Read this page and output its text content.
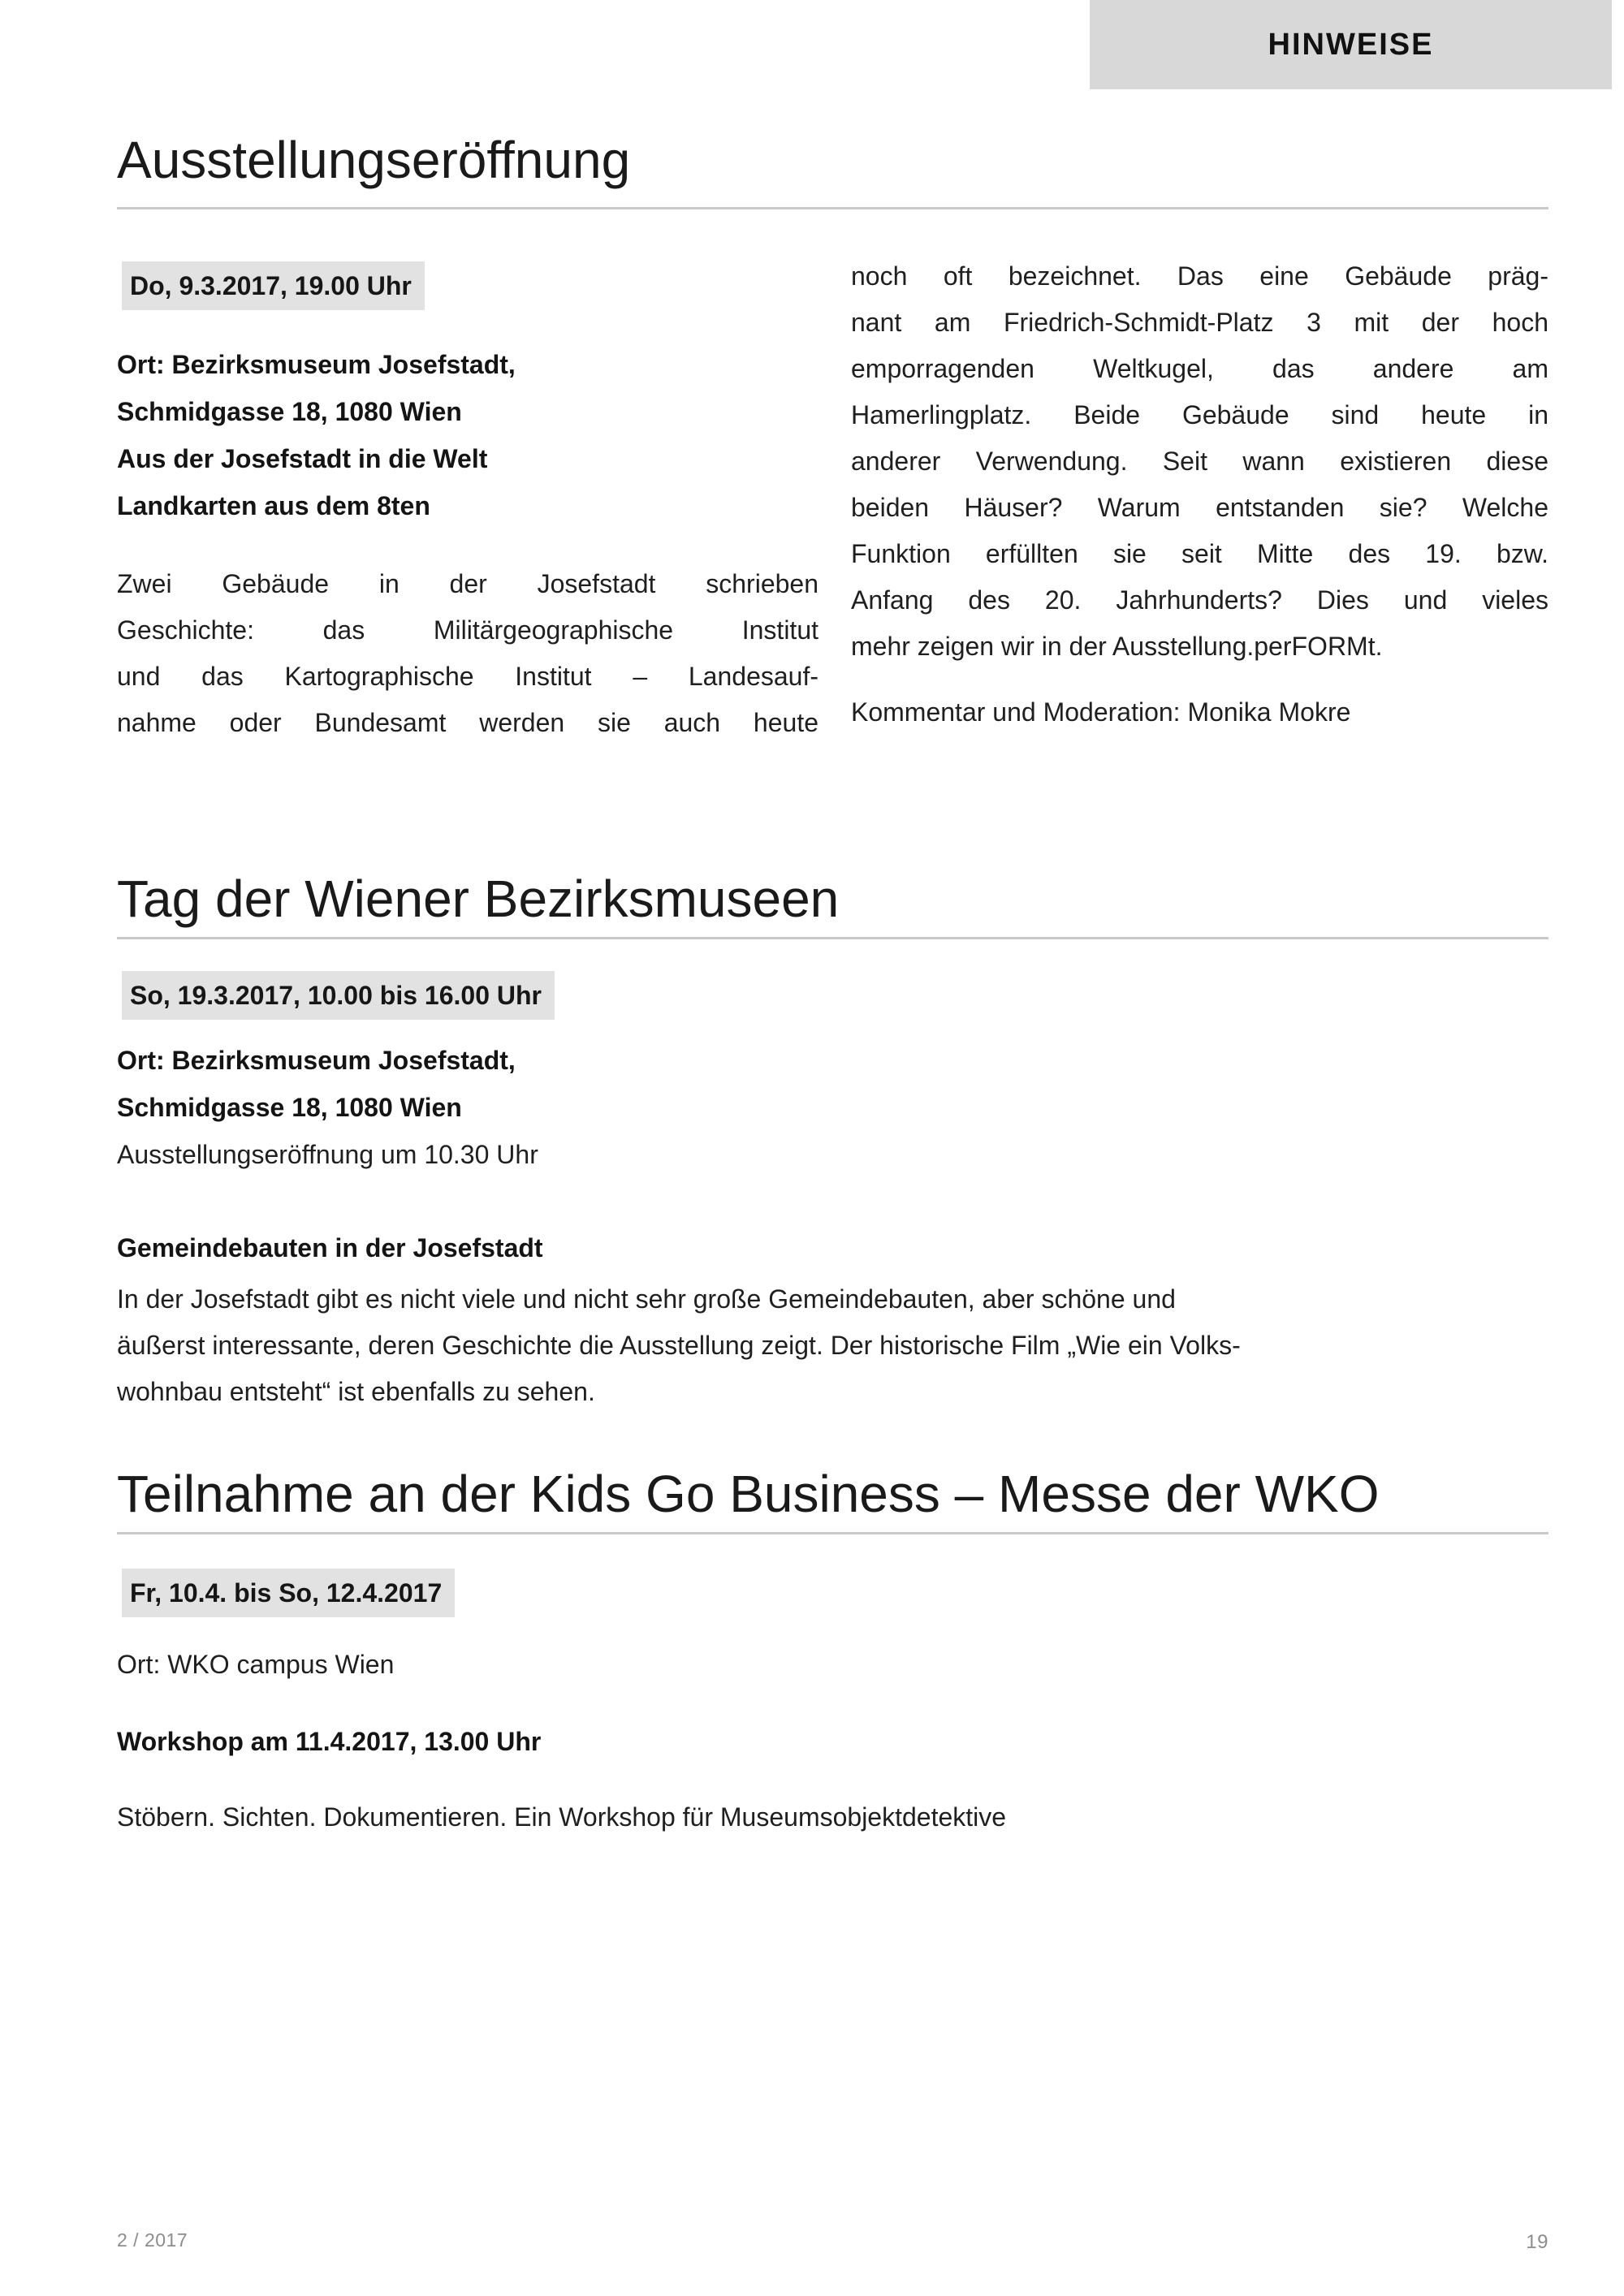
HINWEISE
Ausstellungseröffnung
Do, 9.3.2017, 19.00 Uhr
Ort: Bezirksmuseum Josefstadt,
Schmidgasse 18, 1080 Wien
Aus der Josefstadt in die Welt
Landkarten aus dem 8ten
Zwei Gebäude in der Josefstadt schrieben
Geschichte: das Militärgeographische Institut
und das Kartographische Institut – Landesauf-
nahme oder Bundesamt werden sie auch heute
noch oft bezeichnet. Das eine Gebäude präg-
nant am Friedrich-Schmidt-Platz 3 mit der hoch
emporragenden Weltkugel, das andere am
Hamerlingplatz. Beide Gebäude sind heute in
anderer Verwendung. Seit wann existieren diese
beiden Häuser? Warum entstanden sie? Welche
Funktion erfüllten sie seit Mitte des 19. bzw.
Anfang des 20. Jahrhunderts? Dies und vieles
mehr zeigen wir in der Ausstellung.perFORMt.
Kommentar und Moderation: Monika Mokre
Tag der Wiener Bezirksmuseen
So, 19.3.2017, 10.00 bis 16.00 Uhr
Ort: Bezirksmuseum Josefstadt,
Schmidgasse 18, 1080 Wien
Ausstellungseröffnung um 10.30 Uhr
Gemeindebauten in der Josefstadt
In der Josefstadt gibt es nicht viele und nicht sehr große Gemeindebauten, aber schöne und
äußerst interessante, deren Geschichte die Ausstellung zeigt. Der historische Film „Wie ein Volks-
wohnbau entsteht“ ist ebenfalls zu sehen.
Teilnahme an der Kids Go Business – Messe der WKO
Fr, 10.4. bis So, 12.4.2017
Ort: WKO campus Wien
Workshop am 11.4.2017, 13.00 Uhr
Stöbern. Sichten. Dokumentieren. Ein Workshop für Museumsobjektdetektive
2 / 2017	19
